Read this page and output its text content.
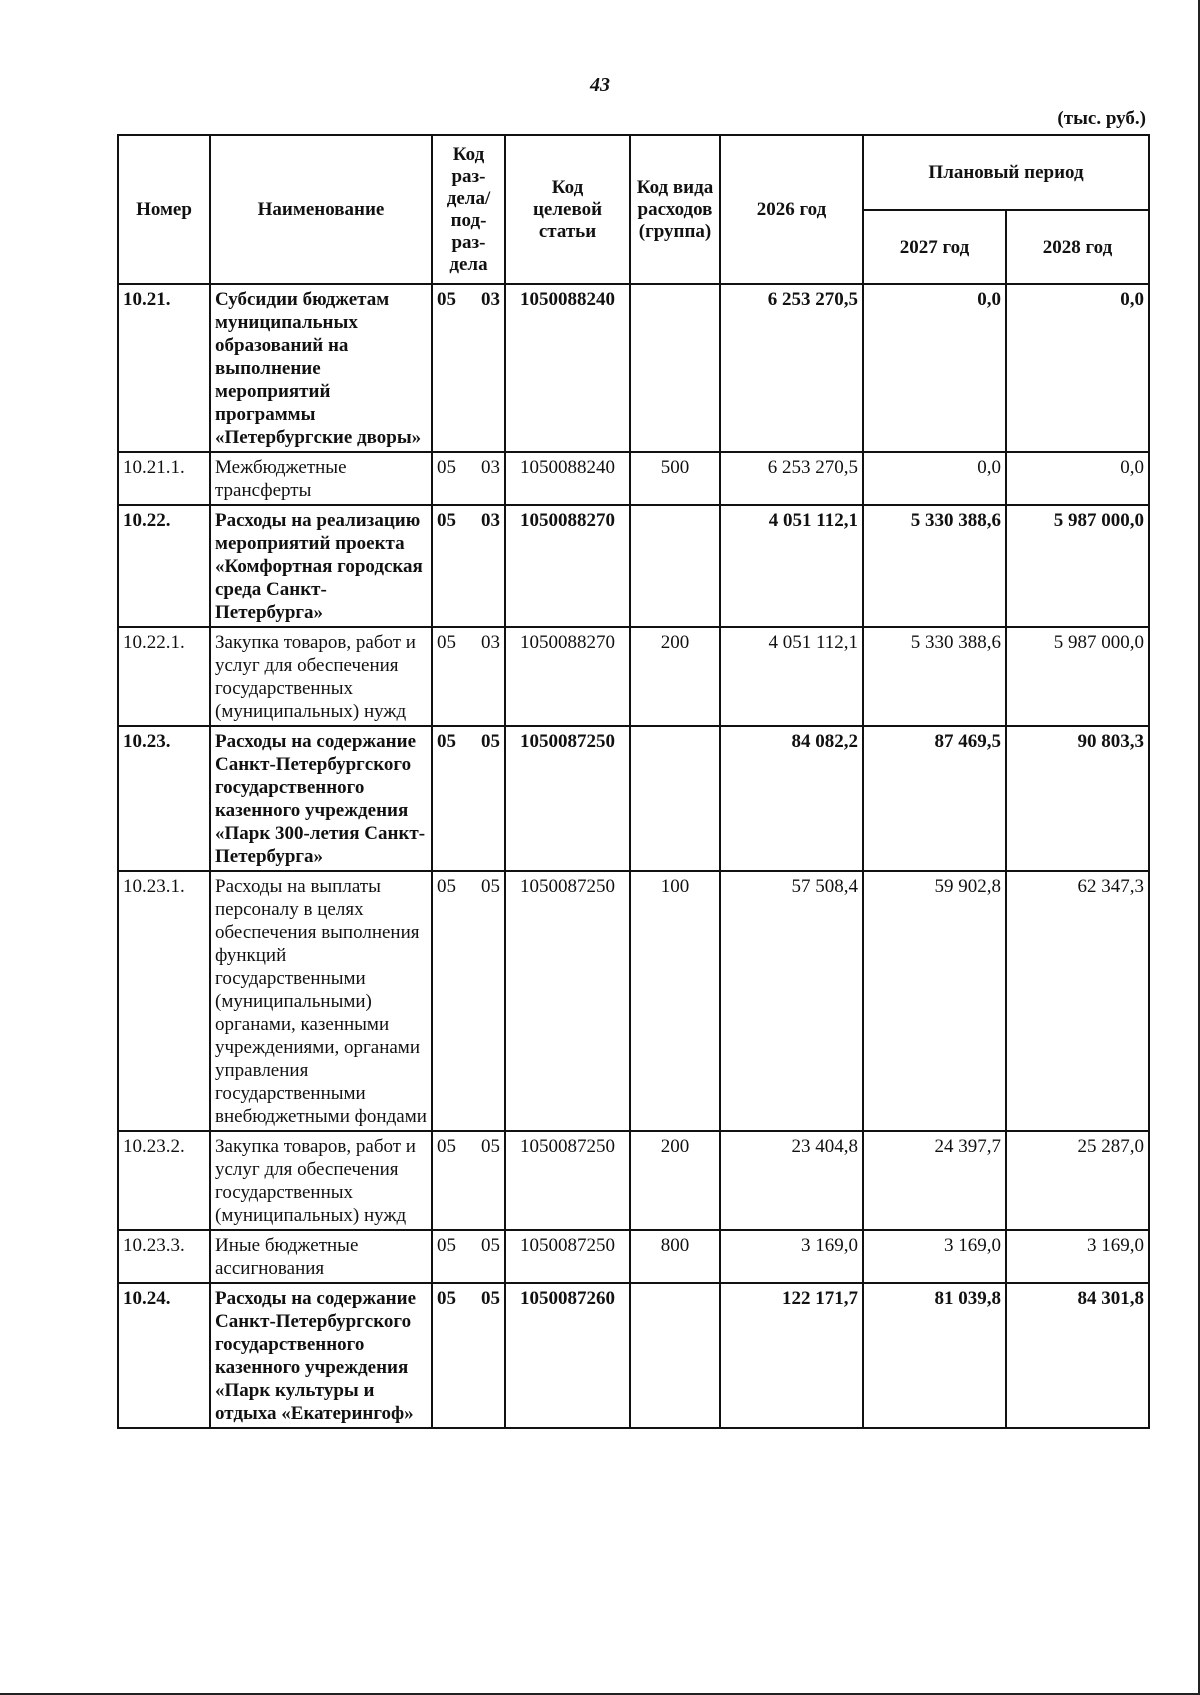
43
(тыс. руб.)
Номер	Наименование	Код раз-дела/ под-раз-дела	Код целевой статьи	Код вида расходов (группа)	2026 год	Плановый период	
						2027 год	2028 год
10.21.	Субсидии бюджетам муниципальных образований на выполнение мероприятий программы «Петербургские дворы»	05 03	1050088240		6 253 270,5	0,0	0,0
10.21.1.	Межбюджетные трансферты	05 03	1050088240	500	6 253 270,5	0,0	0,0
10.22.	Расходы на реализацию мероприятий проекта «Комфортная городская среда Санкт-Петербурга»	05 03	1050088270		4 051 112,1	5 330 388,6	5 987 000,0
10.22.1.	Закупка товаров, работ и услуг для обеспечения государственных (муниципальных) нужд	05 03	1050088270	200	4 051 112,1	5 330 388,6	5 987 000,0
10.23.	Расходы на содержание Санкт-Петербургского государственного казенного учреждения «Парк 300-летия Санкт-Петербурга»	05 05	1050087250		84 082,2	87 469,5	90 803,3
10.23.1.	Расходы на выплаты персоналу в целях обеспечения выполнения функций государственными (муниципальными) органами, казенными учреждениями, органами управления государственными внебюджетными фондами	05 05	1050087250	100	57 508,4	59 902,8	62 347,3
10.23.2.	Закупка товаров, работ и услуг для обеспечения государственных (муниципальных) нужд	05 05	1050087250	200	23 404,8	24 397,7	25 287,0
10.23.3.	Иные бюджетные ассигнования	05 05	1050087250	800	3 169,0	3 169,0	3 169,0
10.24.	Расходы на содержание Санкт-Петербургского государственного казенного учреждения «Парк культуры и отдыха «Екатерингоф»	05 05	1050087260		122 171,7	81 039,8	84 301,8
